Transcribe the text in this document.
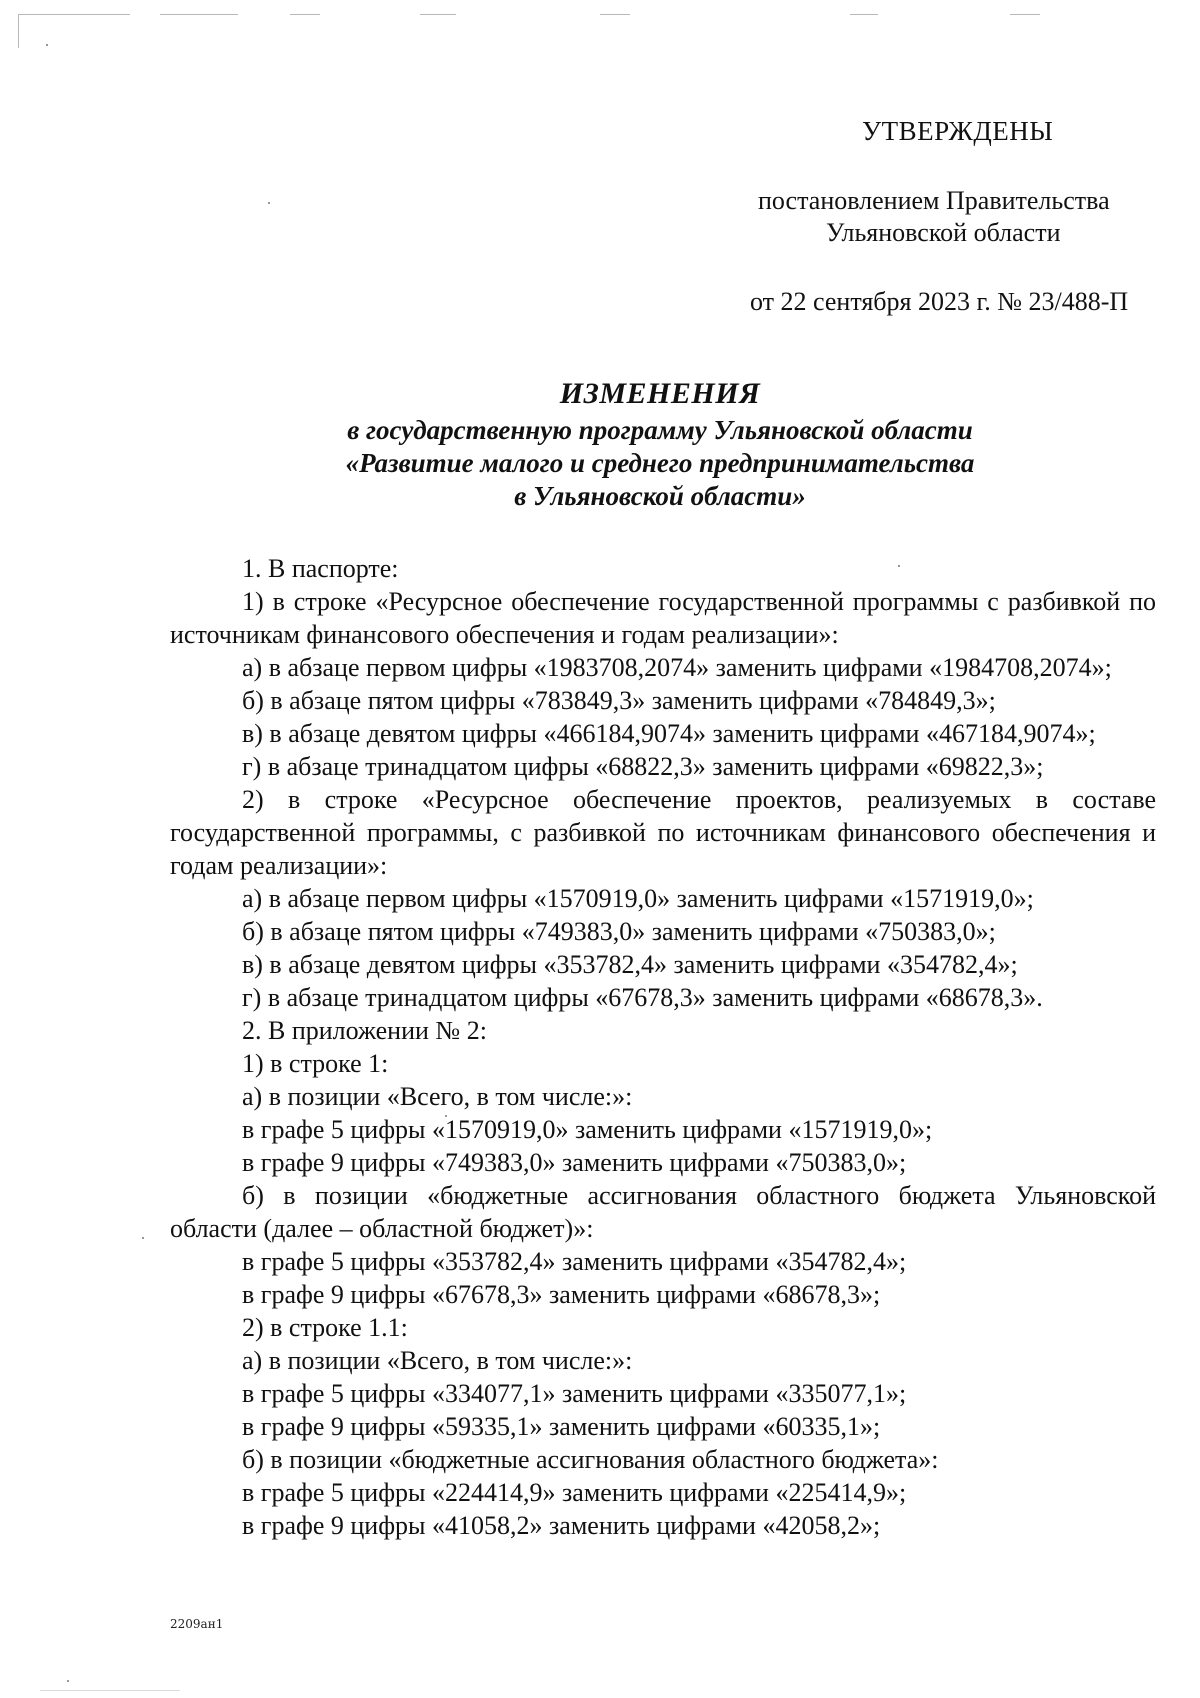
УТВЕРЖДЕНЫ
постановлением Правительства
Ульяновской области
от 22 сентября 2023 г. № 23/488-П
ИЗМЕНЕНИЯ
в государственную программу Ульяновской области
«Развитие малого и среднего предпринимательства
в Ульяновской области»

1. В паспорте:

1) в строке «Ресурсное обеспечение государственной программы с разбивкой по источникам финансового обеспечения и годам реализации»:

а) в абзаце первом цифры «1983708,2074» заменить цифрами «1984708,2074»;

б) в абзаце пятом цифры «783849,3» заменить цифрами «784849,3»;

в) в абзаце девятом цифры «466184,9074» заменить цифрами «467184,9074»;

г) в абзаце тринадцатом цифры «68822,3» заменить цифрами «69822,3»;

2) в строке «Ресурсное обеспечение проектов, реализуемых в составе государственной программы, с разбивкой по источникам финансового обеспечения и годам реализации»:

а) в абзаце первом цифры «1570919,0» заменить цифрами «1571919,0»;

б) в абзаце пятом цифры «749383,0» заменить цифрами «750383,0»;

в) в абзаце девятом цифры «353782,4» заменить цифрами «354782,4»;

г) в абзаце тринадцатом цифры «67678,3» заменить цифрами «68678,3».

2. В приложении № 2:

1) в строке 1:

а) в позиции «Всего, в том числе:»:

в графе 5 цифры «1570919,0» заменить цифрами «1571919,0»;

в графе 9 цифры «749383,0» заменить цифрами «750383,0»;

б) в позиции «бюджетные ассигнования областного бюджета Ульяновской области (далее – областной бюджет)»:

в графе 5 цифры «353782,4» заменить цифрами «354782,4»;

в графе 9 цифры «67678,3» заменить цифрами «68678,3»;

2) в строке 1.1:

а) в позиции «Всего, в том числе:»:

в графе 5 цифры «334077,1» заменить цифрами «335077,1»;

в графе 9 цифры «59335,1» заменить цифрами «60335,1»;

б) в позиции «бюджетные ассигнования областного бюджета»:

в графе 5 цифры «224414,9» заменить цифрами «225414,9»;

в графе 9 цифры «41058,2» заменить цифрами «42058,2»;

2209ан1
